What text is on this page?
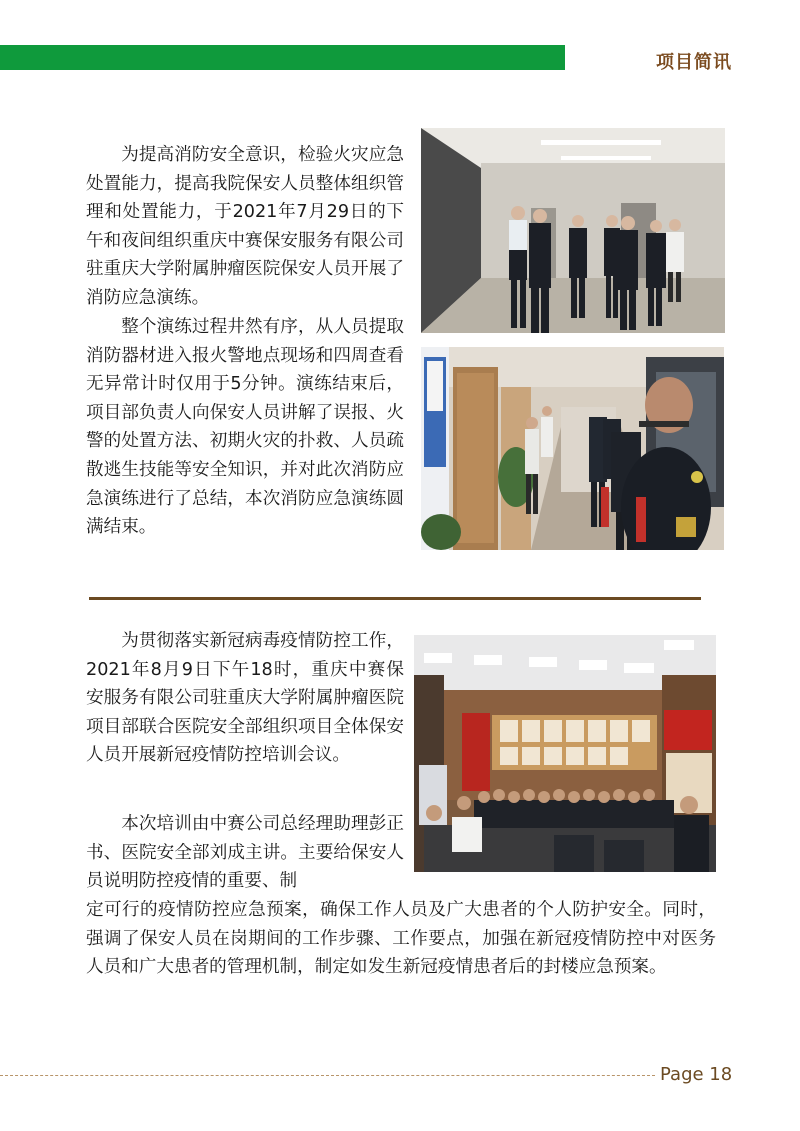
项目简讯

为提高消防安全意识，检验火灾应急处置能力，提高我院保安人员整体组织管理和处置能力，于2021年7月29日的下午和夜间组织重庆中赛保安服务有限公司驻重庆大学附属肿瘤医院保安人员开展了消防应急演练。

整个演练过程井然有序，从人员提取消防器材进入报火警地点现场和四周查看无异常计时仅用于5分钟。演练结束后，项目部负责人向保安人员讲解了误报、火警的处置方法、初期火灾的扑救、人员疏散逃生技能等安全知识，并对此次消防应急演练进行了总结，本次消防应急演练圆满结束。

为贯彻落实新冠病毒疫情防控工作，2021年8月9日下午18时，重庆中赛保安服务有限公司驻重庆大学附属肿瘤医院项目部联合医院安全部组织项目全体保安人员开展新冠疫情防控培训会议。

本次培训由中赛公司总经理助理彭正书、医院安全部刘成主讲。主要给保安人员说明防控疫情的重要、制

定可行的疫情防控应急预案，确保工作人员及广大患者的个人防护安全。同时，强调了保安人员在岗期间的工作步骤、工作要点，加强在新冠疫情防控中对医务人员和广大患者的管理机制，制定如发生新冠疫情患者后的封楼应急预案。

Page 18
